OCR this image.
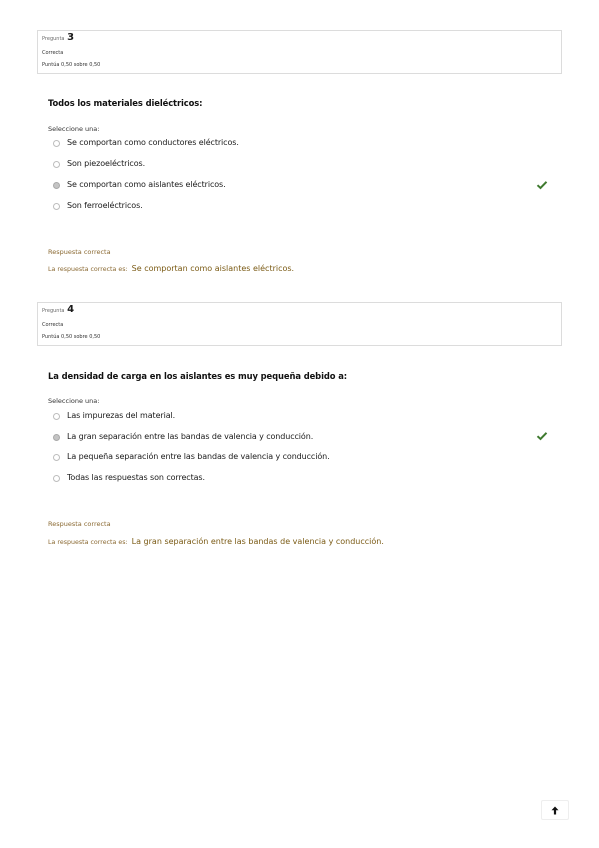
Pregunta 3
Correcta
Puntúa 0,50 sobre 0,50
Todos los materiales dieléctricos:
Seleccione una:
Se comportan como conductores eléctricos.
Son piezoeléctricos.
Se comportan como aislantes eléctricos.
Son ferroeléctricos.
Respuesta correcta
La respuesta correcta es: Se comportan como aislantes eléctricos.
Pregunta 4
Correcta
Puntúa 0,50 sobre 0,50
La densidad de carga en los aislantes es muy pequeña debido a:
Seleccione una:
Las impurezas del material.
La gran separación entre las bandas de valencia y conducción.
La pequeña separación entre las bandas de valencia y conducción.
Todas las respuestas son correctas.
Respuesta correcta
La respuesta correcta es: La gran separación entre las bandas de valencia y conducción.
